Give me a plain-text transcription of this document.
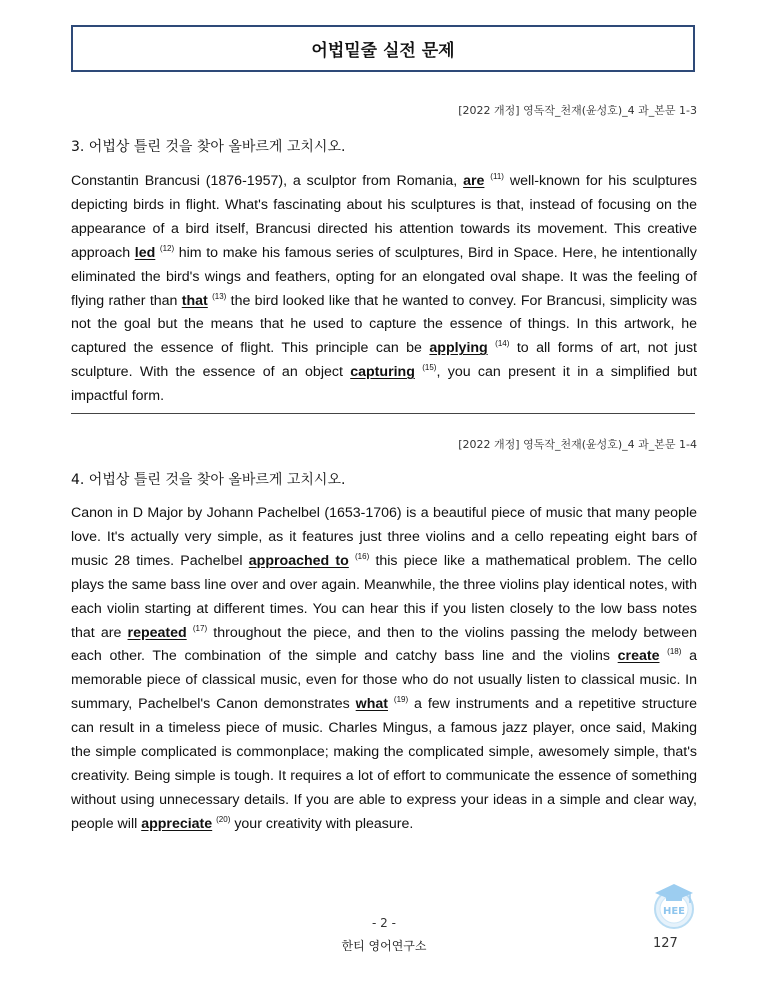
어법밑줄 실전 문제
[2022 개정] 영독작_천재(윤성호)_4 과_본문 1-3
3. 어법상 틀린 것을 찾아 올바르게 고치시오.
Constantin Brancusi (1876-1957), a sculptor from Romania, are $^{(11)}$ well-known for his sculptures depicting birds in flight. What's fascinating about his sculptures is that, instead of focusing on the appearance of a bird itself, Brancusi directed his attention towards its movement. This creative approach led $^{(12)}$ him to make his famous series of sculptures, Bird in Space. Here, he intentionally eliminated the bird's wings and feathers, opting for an elongated oval shape. It was the feeling of flying rather than that $^{(13)}$ the bird looked like that he wanted to convey. For Brancusi, simplicity was not the goal but the means that he used to capture the essence of things. In this artwork, he captured the essence of flight. This principle can be applying $^{(14)}$ to all forms of art, not just sculpture. With the essence of an object capturing $^{(15)}$, you can present it in a simplified but impactful form.
[2022 개정] 영독작_천재(윤성호)_4 과_본문 1-4
4. 어법상 틀린 것을 찾아 올바르게 고치시오.
Canon in D Major by Johann Pachelbel (1653-1706) is a beautiful piece of music that many people love. It's actually very simple, as it features just three violins and a cello repeating eight bars of music 28 times. Pachelbel approached to $^{(16)}$ this piece like a mathematical problem. The cello plays the same bass line over and over again. Meanwhile, the three violins play identical notes, with each violin starting at different times. You can hear this if you listen closely to the low bass notes that are repeated $^{(17)}$ throughout the piece, and then to the violins passing the melody between each other. The combination of the simple and catchy bass line and the violins create $^{(18)}$ a memorable piece of classical music, even for those who do not usually listen to classical music. In summary, Pachelbel's Canon demonstrates what $^{(19)}$ a few instruments and a repetitive structure can result in a timeless piece of music. Charles Mingus, a famous jazz player, once said, Making the simple complicated is commonplace; making the complicated simple, awesomely simple, that's creativity. Being simple is tough. It requires a lot of effort to communicate the essence of something without using unnecessary details. If you are able to express your ideas in a simple and clear way, people will appreciate $^{(20)}$ your creativity with pleasure.
- 2 -
한티 영어연구소	127
HEE
